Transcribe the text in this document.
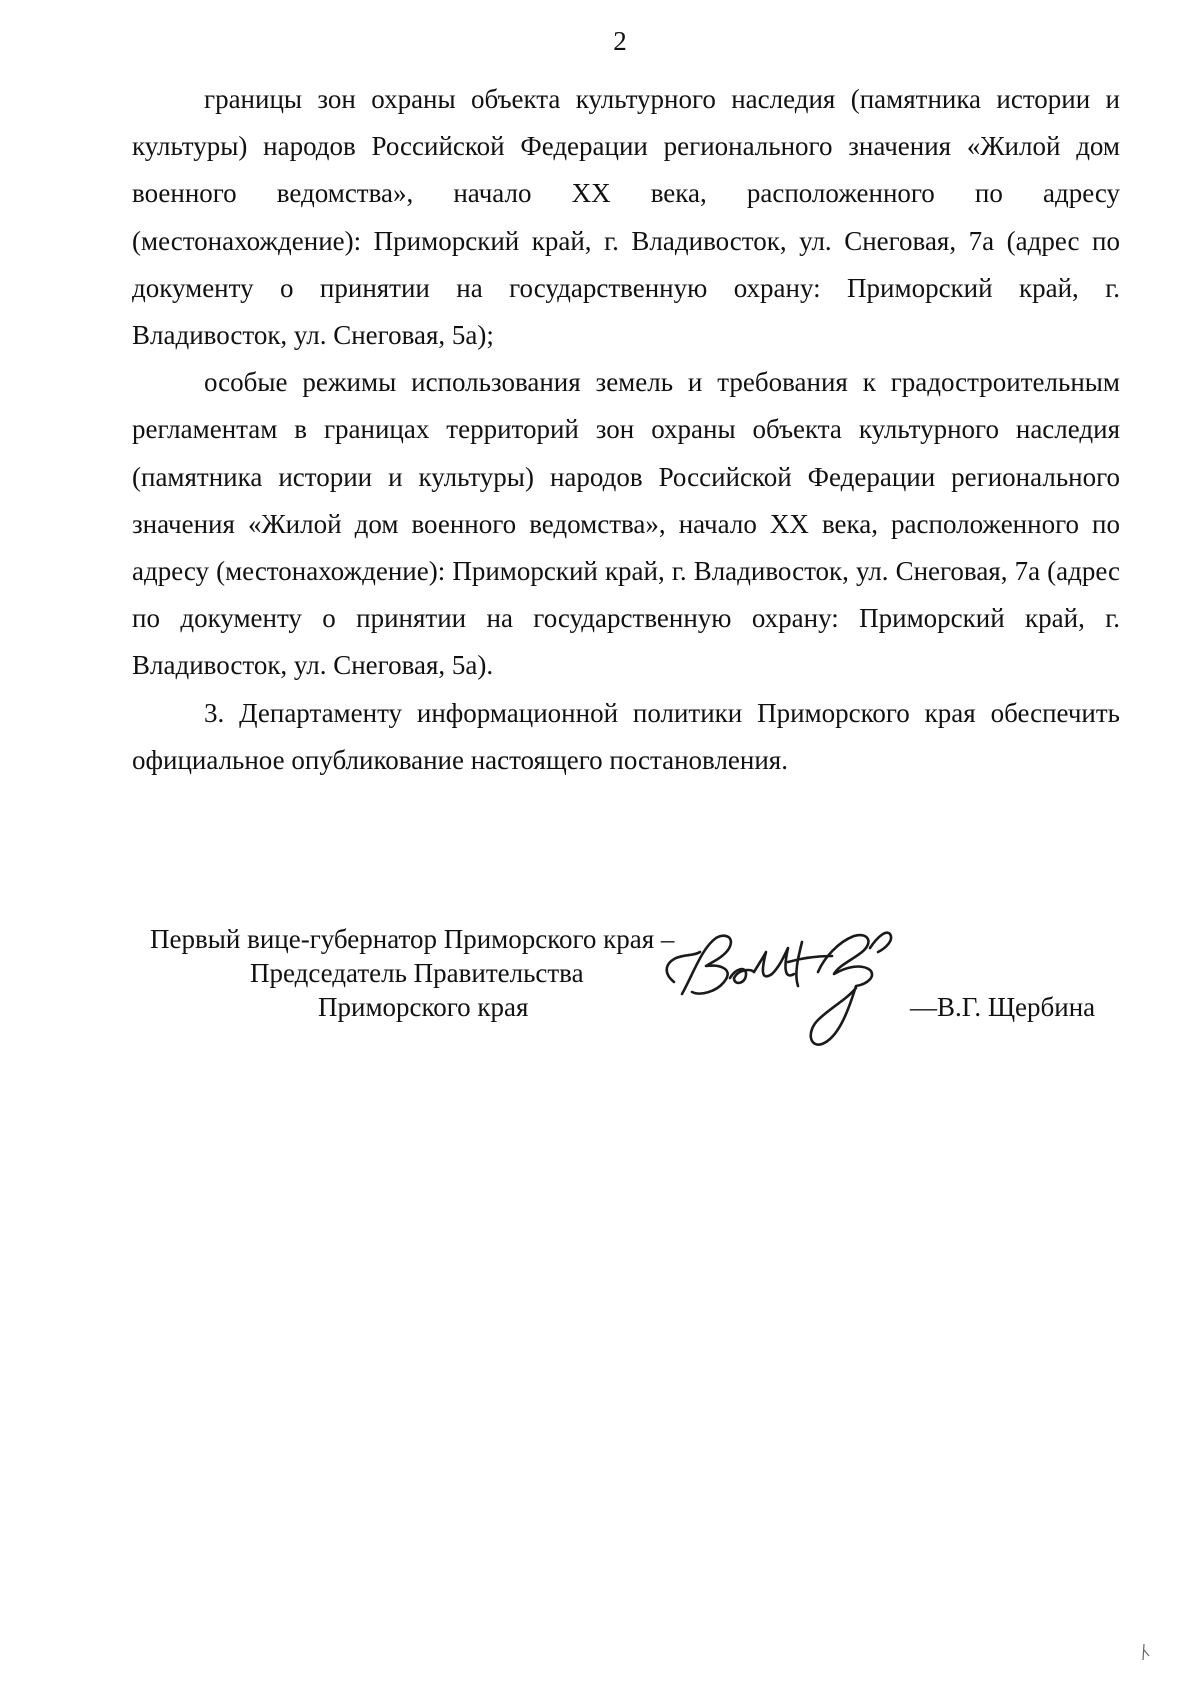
2

границы зон охраны объекта культурного наследия (памятника истории и культуры) народов Российской Федерации регионального значения «Жилой дом военного ведомства», начало XX века, расположенного по адресу (местонахождение): Приморский край, г. Владивосток, ул. Снеговая, 7а (адрес по документу о принятии на государственную охрану: Приморский край, г. Владивосток, ул. Снеговая, 5а);

особые режимы использования земель и требования к градостроительным регламентам в границах территорий зон охраны объекта культурного наследия (памятника истории и культуры) народов Российской Федерации регионального значения «Жилой дом военного ведомства», начало XX века, расположенного по адресу (местонахождение): Приморский край, г. Владивосток, ул. Снеговая, 7а (адрес по документу о принятии на государственную охрану: Приморский край, г. Владивосток, ул. Снеговая, 5а).

3. Департаменту информационной политики Приморского края обеспечить официальное опубликование настоящего постановления.

Первый вице-губернатор Приморского края –
Председатель Правительства
Приморского края	—В.Г. Щербина
